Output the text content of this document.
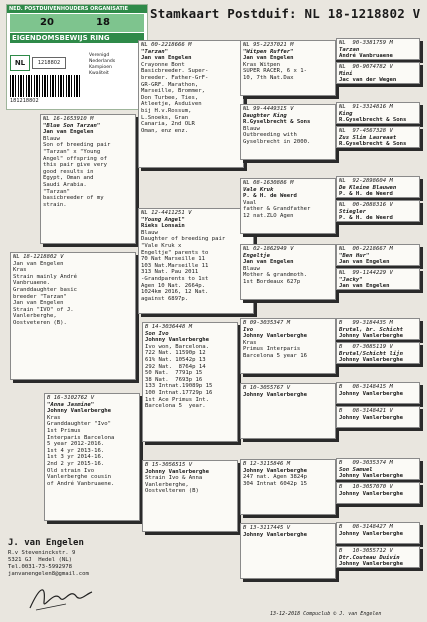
NED. POSTDUIVENHOUDERS ORGANISATIE
20	18
EIGENDOMSBEWIJS RING
NL	1218802
181218802
Verenigd
Nederlands
Kampioen
Kwaliteit
Stamkaart Postduif: NL 18-1218802 V
NL 18-1218802 V
Jan van Engelen
Kras
Strain mainly André
Vanbruaene.
Granddaughter basic
breeder "Tarzan"
Jan van Engelen
Strain "IVO" of J.
Vanlerberghe,
Oostveteren (B).
NL 16-1653910 M
"Blue Son Tarzan"
Jan van Engelen
Blauw
Son of breeding pair
"Tarzan" x "Young
Angel" offspring of
this pair give very
good results in
Egypt, Oman and
Saudi Arabia.
"Tarzan"
basicbreeder of my
strain.
B 16-3102762 V
"Anna Jasmine"
Johnny Vanlerberghe
Kras
Granddaughter "Ivo"
1st Primus
Interparis Barcelona
5 year 2012-2016.
1st 4 yr 2013-16.
1st 3 yr 2014-16.
2nd 2 yr 2015-16.
Old strain Ivo
Vanlerberghe cousin
of André Vanbruaene.
NL 00-2218666 M
"Tarzan"
Jan van Engelen
Crayonne Bont
Basicbreeder. Super-
breeder. Father-GrF-
GR-GRF. Marathon,
Marseille, Brommer,
Don Turbee, Ties,
Atleetje, Asduiven
bij H.v.Rossum,
L.Snoeks, Gran
Canaria, 2nd OLR
Oman, enz enz.
NL 12-4411251 V
"Young Angel"
Rieks Lonsain
Blauw
Daughter of breeding pair
"Vale Kruk x
Engeltje" parents to
70 Nat Marseille 11
103 Nat.Marseille 11
313 Nat. Pau 2011
-Grandparents to 1st
Agen 10 Nat. 2664p.
1024km 2016, 12 Nat.
against 6897p.
B 14-3036448 M
Son Ivo
Johnny Vanlerberghe
Ivo won, Barcelona.
722 Nat. 11590p 12
61% Nat. 10542p 13
292 Nat.  8764p 14
50 Nat.  7791p 15
38 Nat.  7693p 16
133 Intnat.19089p 15
100 Intnat.17729p 16
1st Ace Primus Int.
Barcelona 5  year.
B 15-3056515 V
Johnny Vanlerberghe
Strain Ivo & Anna
Vanlerberghe,
Oostvelteren (B)
NL 95-2237021 M
"Witpen Ruffer"
Jan van Engelen
Kras Witpen
SUPER RACER, 6 x 1-
10, 7th Nat.Dax
NL 99-4449315 V
Daughter King
R.Gyselbrecht & Sons
Blauw
Outbreeding with
Gyselbrecht in 2000.
NL 08-1630886 M
Vale Kruk
P. & H. de Weerd
Vaal
father & Grandfather
12 nat.ZLO Agen
NL 02-1862949 V
Engeltje
Jan van Engelen
Blauw
Mother & grandmoth.
1st Bordeaux 627p
B 09-3035347 M
Ivo
Johnny Vanlerberghe
Kras
Primus Interparis
Barcelona 5 year 16
B 10-3055767 V
Johnny Vanlerberghe
B 12-3115846 M
Johnny Vanlerberghe
247 nat. Agen 3824p
304 Intnat 6042p 15
B 13-3117445 V
Johnny Vanlerberghe
NL  90-3381759 M
Tarzan
André Vanbruaene
NL  90-9074782 V
Mini
Jac van der Wegen
NL  91-3314816 M
King
R.Gyselbrecht & Sons
NL  97-4567328 V
Zus Slim Laureaat
R.Gyselbrecht & Sons
NL  92-2898604 M
De Kleine Blauwen
P. & H. de Weerd
NL  00-2088316 V
Stiegler
P. & H. de Weerd
NL  00-2218667 M
"Ben Hur"
Jan van Engelen
NL  99-1144229 V
"Jacky"
Jan van Engelen
B   99-3184435 M
Brutal, br. Schicht
Johnny Vanlerberghe
B   07-3085119 V
Brutal/Schicht lijn
Johnny Vanlerberghe
B   08-3148415 M
Johnny Vanlerberghe
B   08-3148421 V
Johnny Vanlerberghe
B   09-3035374 M
Son Samuel
Johnny Vanlerberghe
B   10-3057070 V
Johnny Vanlerberghe
B   08-3148427 M
Johnny Vanlerberghe
B   10-3055712 V
Dtr.Couteau Duivin
Johnny Vanlerberghe
J. van Engelen
R.v Steveninckstr. 9
5321 GJ  Hedel (NL)
Tel.0031-73-5992978
janvanengelen8@gmail.com
13-12-2018 Compuclub © J. van Engelen
